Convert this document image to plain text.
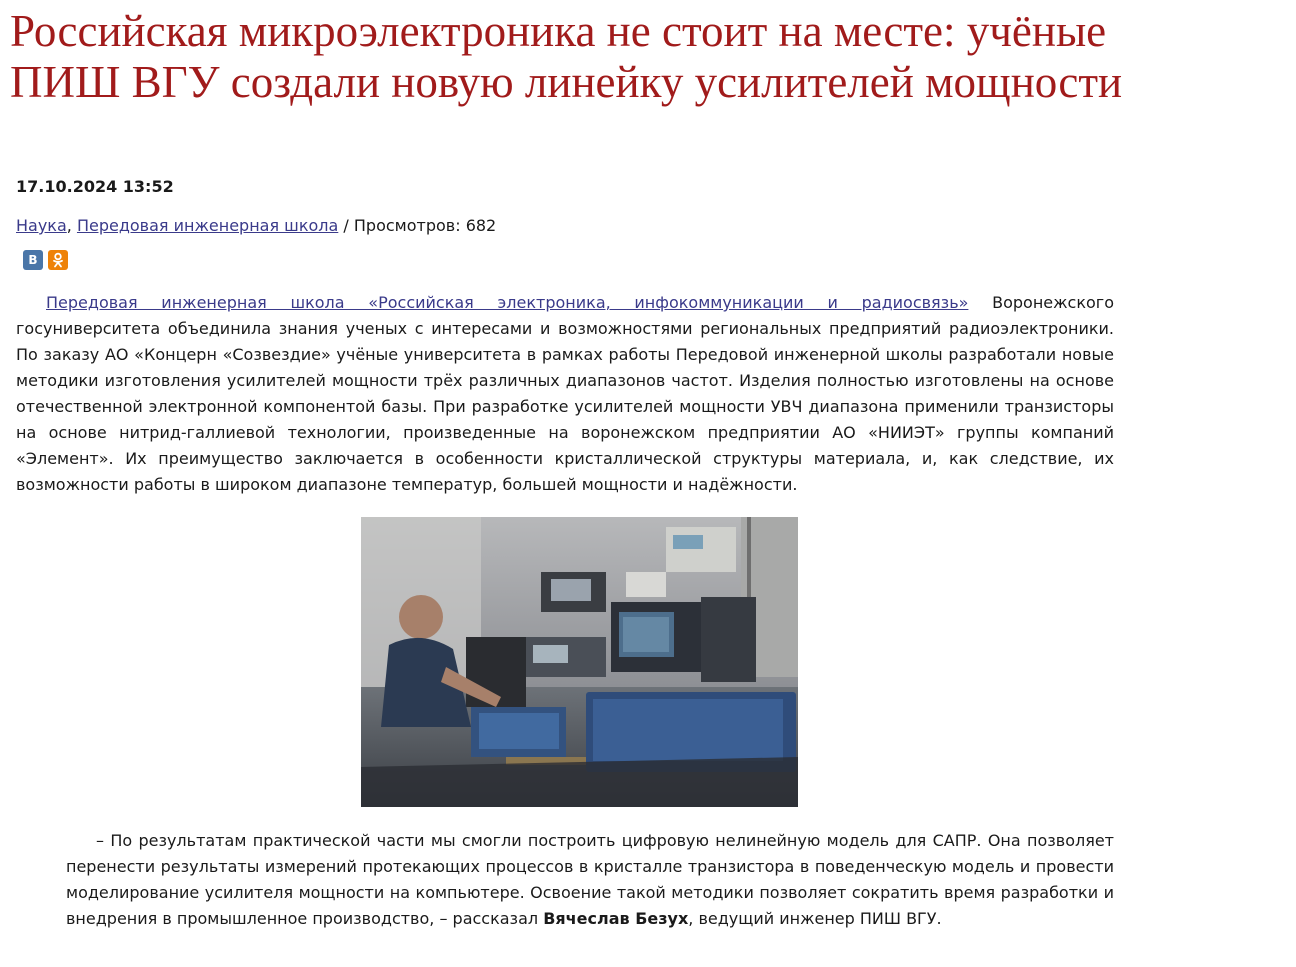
Российская микроэлектроника не стоит на месте: учёные ПИШ ВГУ создали новую линейку усилителей мощности
17.10.2024 13:52
Наука, Передовая инженерная школа / Просмотров: 682
В

Передовая инженерная школа «Российская электроника, инфокоммуникации и радиосвязь» Воронежского госуниверситета объединила знания ученых с интересами и возможностями региональных предприятий радиоэлектроники. По заказу АО «Концерн «Созвездие» учёные университета в рамках работы Передовой инженерной школы разработали новые методики изготовления усилителей мощности трёх различных диапазонов частот. Изделия полностью изготовлены на основе отечественной электронной компонентой базы. При разработке усилителей мощности УВЧ диапазона применили транзисторы на основе нитрид-галлиевой технологии, произведенные на воронежском предприятии АО «НИИЭТ» группы компаний «Элемент». Их преимущество заключается в особенности кристаллической структуры материала, и, как следствие, их возможности работы в широком диапазоне температур, большей мощности и надёжности.

– По результатам практической части мы смогли построить цифровую нелинейную модель для САПР. Она позволяет перенести результаты измерений протекающих процессов в кристалле транзистора в поведенческую модель и провести моделирование усилителя мощности на компьютере. Освоение такой методики позволяет сократить время разработки и внедрения в промышленное производство, – рассказал Вячеслав Безух, ведущий инженер ПИШ ВГУ.
